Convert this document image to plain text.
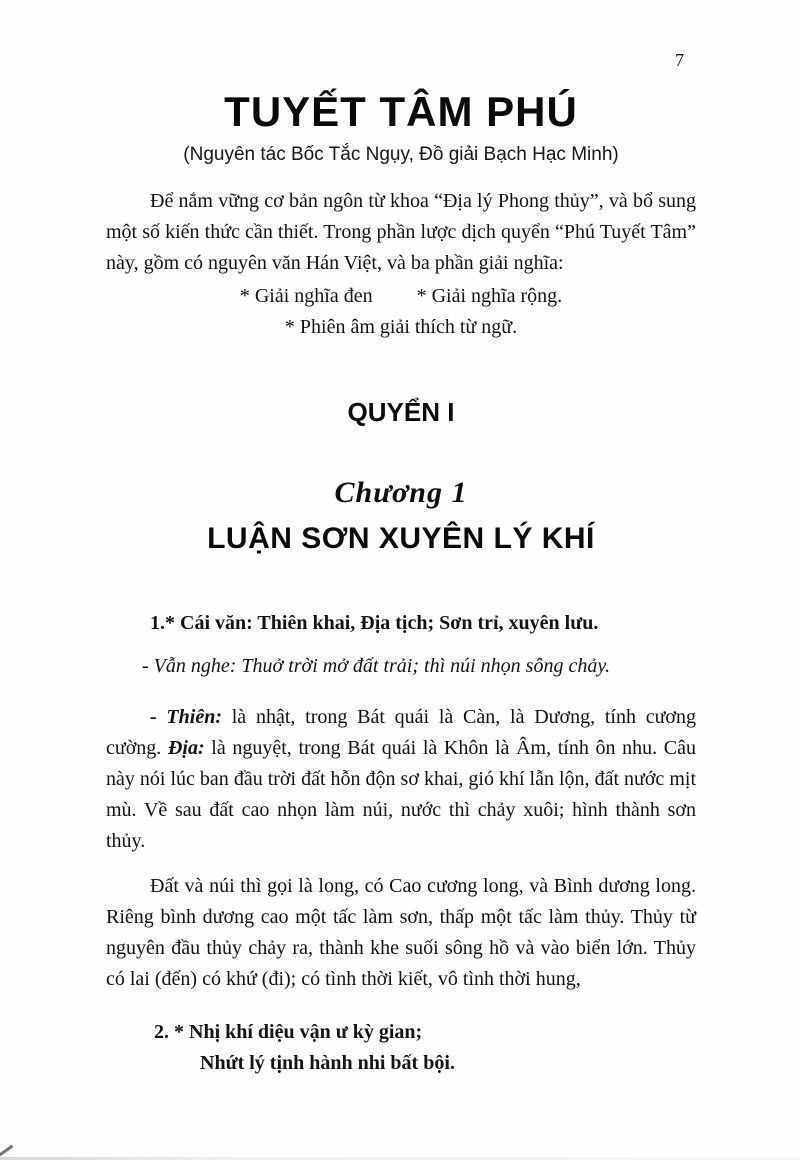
7
TUYẾT TÂM PHÚ
(Nguyên tác Bốc Tắc Ngụy, Đồ giải Bạch Hạc Minh)

Để nắm vững cơ bản ngôn từ khoa “Địa lý Phong thủy”, và bổ sung một số kiến thức cần thiết. Trong phần lược dịch quyển “Phú Tuyết Tâm” này, gồm có nguyên văn Hán Việt, và ba phần giải nghĩa:

* Giải nghĩa đen * Giải nghĩa rộng.
* Phiên âm giải thích từ ngữ.
QUYỂN I
Chương 1
LUẬN SƠN XUYÊN LÝ KHÍ

1.* Cái văn: Thiên khai, Địa tịch; Sơn trỉ, xuyên lưu.

- Vẫn nghe: Thuở trời mở đất trải; thì núi nhọn sông chảy.

- Thiên: là nhật, trong Bát quái là Càn, là Dương, tính cương cường. Địa: là nguyệt, trong Bát quái là Khôn là Âm, tính ôn nhu. Câu này nói lúc ban đầu trời đất hỗn độn sơ khai, gió khí lẫn lộn, đất nước mịt mù. Về sau đất cao nhọn làm núi, nước thì chảy xuôi; hình thành sơn thủy.

Đất và núi thì gọi là long, có Cao cương long, và Bình dương long. Riêng bình dương cao một tấc làm sơn, thấp một tấc làm thủy. Thủy từ nguyên đầu thủy chảy ra, thành khe suối sông hồ và vào biển lớn. Thủy có lai (đến) có khứ (đi); có tình thời kiết, vô tình thời hung,

2. * Nhị khí diệu vận ư kỳ gian;

Nhứt lý tịnh hành nhi bất bội.
